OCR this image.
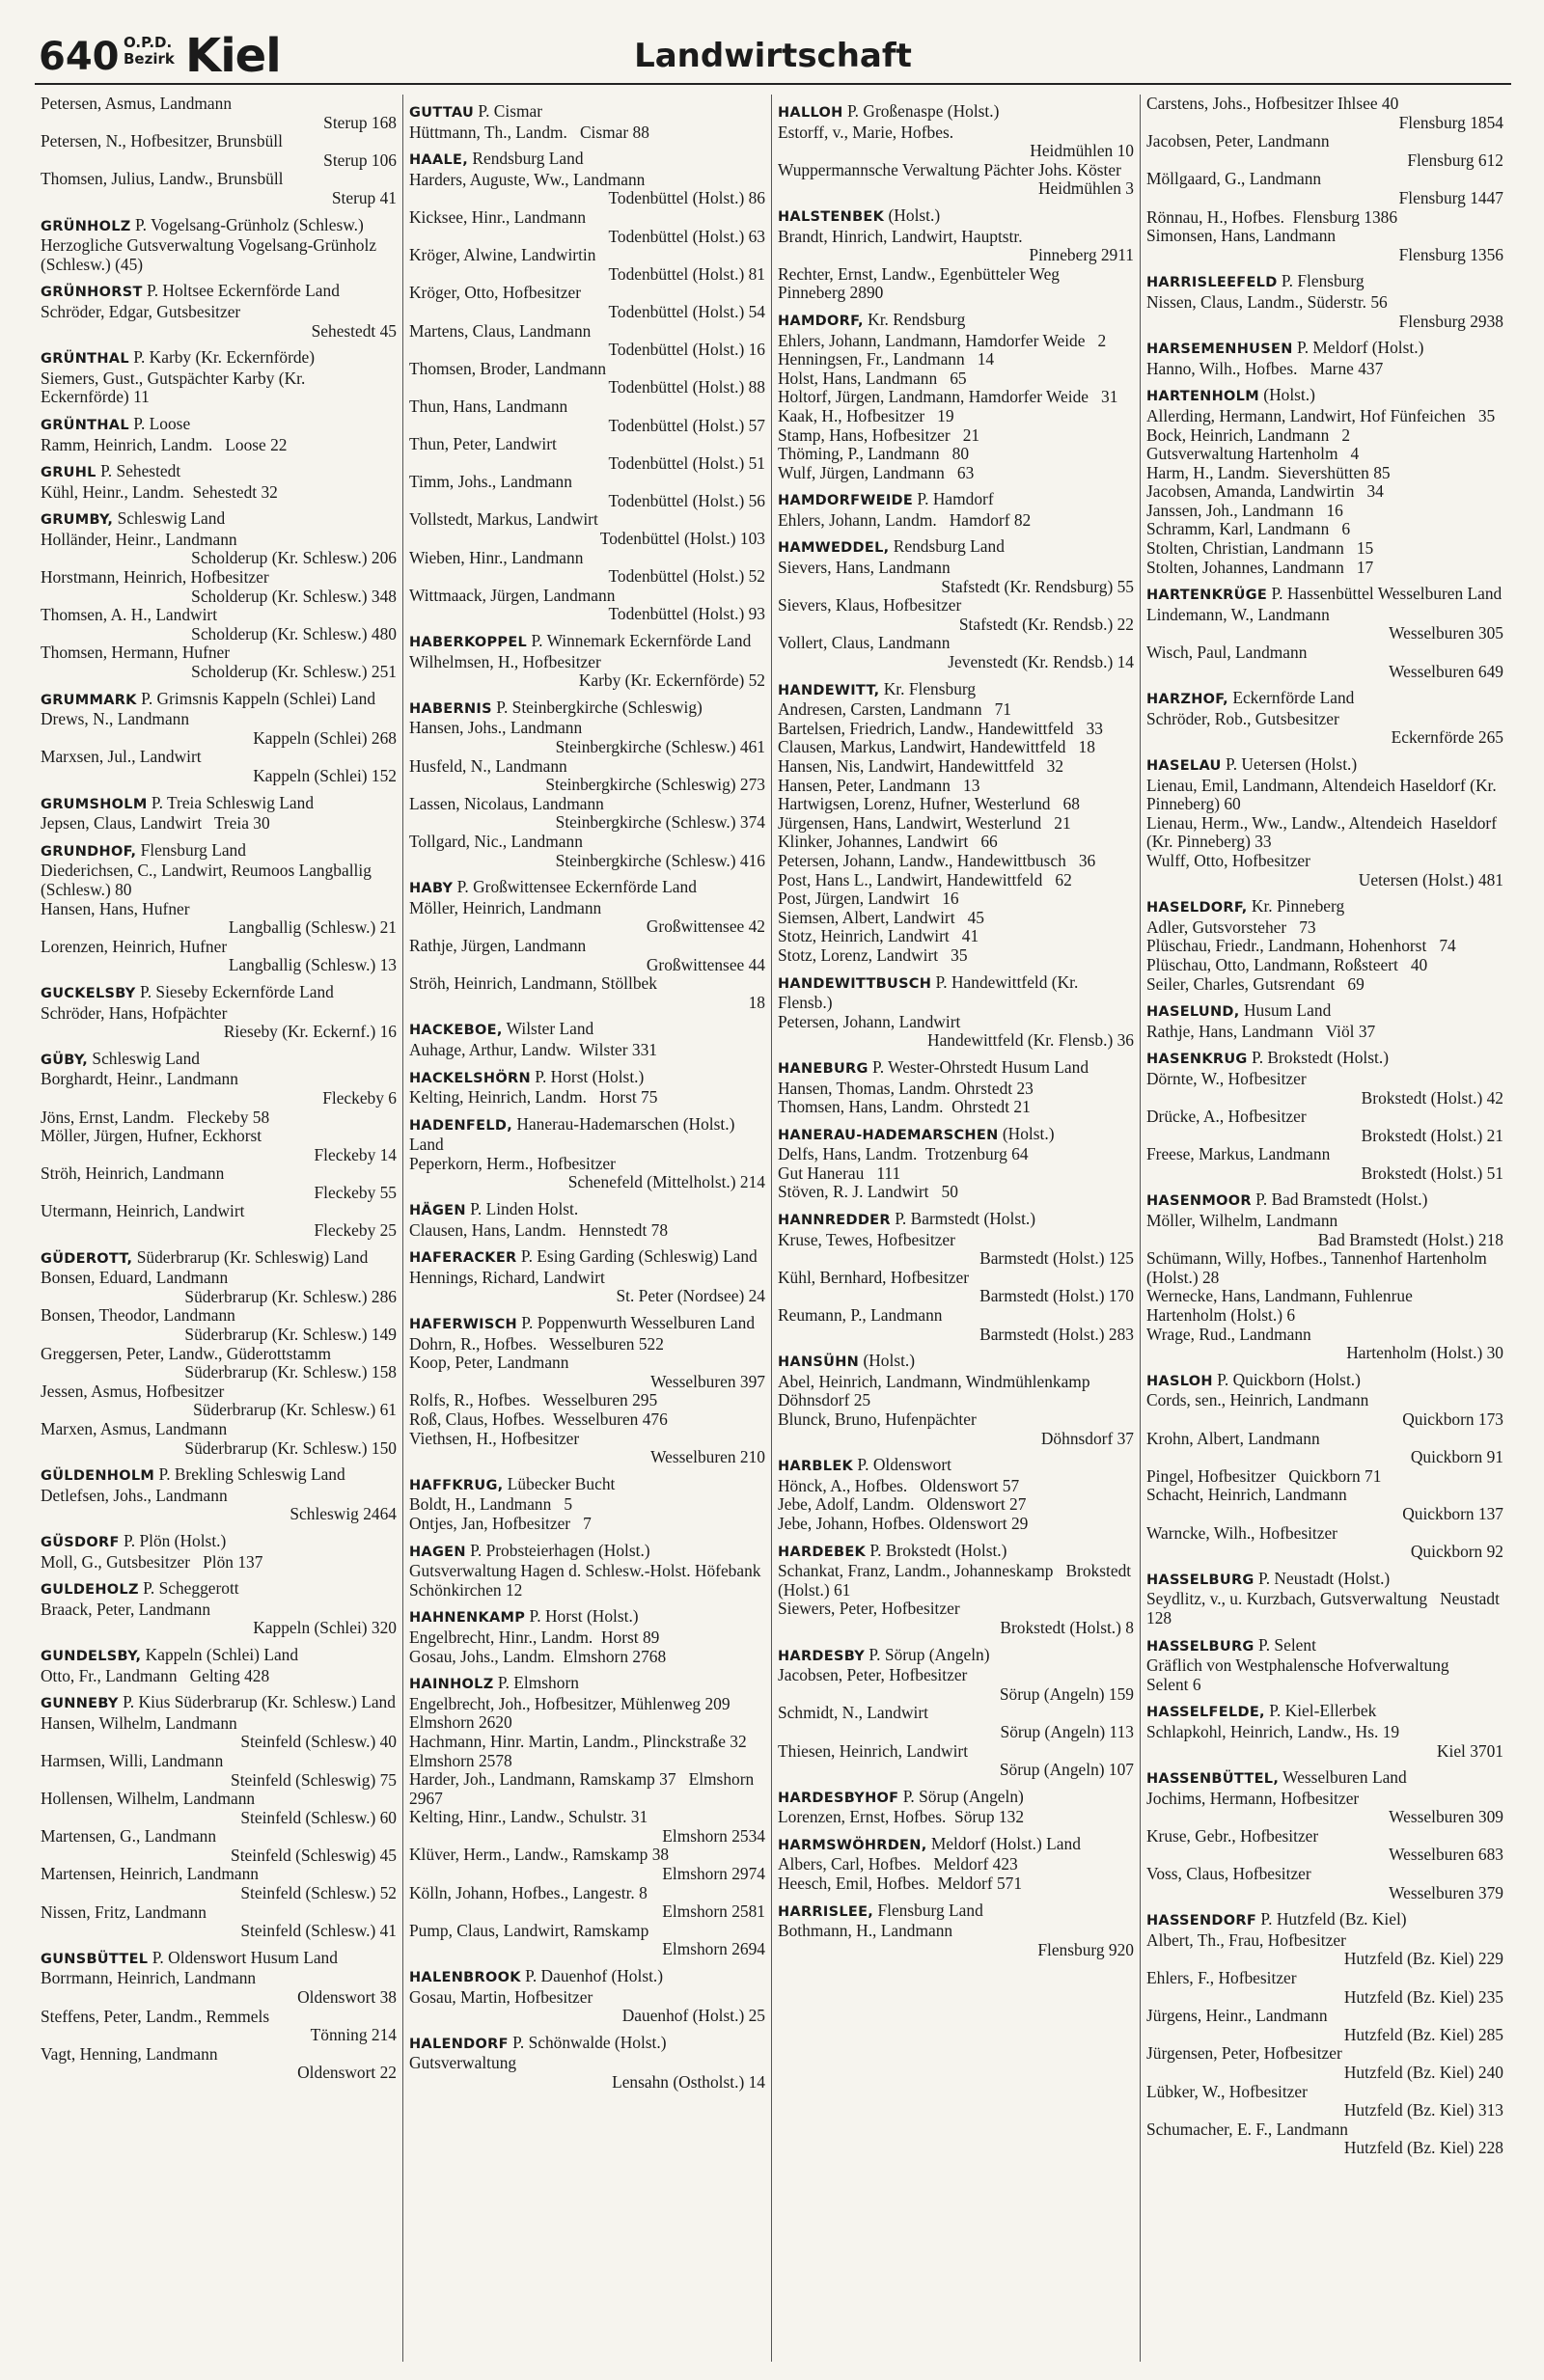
640 O.P.D.
Bezirk Kiel	Landwirtschaft

Petersen, Asmus, Landmann

Sterup 168

Petersen, N., Hofbesitzer, Brunsbüll

Sterup 106

Thomsen, Julius, Landw., Brunsbüll

Sterup 41

GRÜNHOLZ P. Vogelsang-Grünholz (Schlesw.)

Herzogliche Gutsverwaltung Vogelsang-Grünholz (Schlesw.) (45)

GRÜNHORST P. Holtsee Eckernförde Land

Schröder, Edgar, Gutsbesitzer

Sehestedt 45

GRÜNTHAL P. Karby (Kr. Eckernförde)

Siemers, Gust., Gutspächter Karby (Kr. Eckernförde) 11

GRÜNTHAL P. Loose

Ramm, Heinrich, Landm.   Loose 22

GRUHL P. Sehestedt

Kühl, Heinr., Landm.  Sehestedt 32

GRUMBY, Schleswig Land

Holländer, Heinr., Landmann

Scholderup (Kr. Schlesw.) 206

Horstmann, Heinrich, Hofbesitzer

Scholderup (Kr. Schlesw.) 348

Thomsen, A. H., Landwirt

Scholderup (Kr. Schlesw.) 480

Thomsen, Hermann, Hufner

Scholderup (Kr. Schlesw.) 251

GRUMMARK P. Grimsnis Kappeln (Schlei) Land

Drews, N., Landmann

Kappeln (Schlei) 268

Marxsen, Jul., Landwirt

Kappeln (Schlei) 152

GRUMSHOLM P. Treia Schleswig Land

Jepsen, Claus, Landwirt   Treia 30

GRUNDHOF, Flensburg Land

Diederichsen, C., Landwirt, Reumoos Langballig (Schlesw.) 80

Hansen, Hans, Hufner

Langballig (Schlesw.) 21

Lorenzen, Heinrich, Hufner

Langballig (Schlesw.) 13

GUCKELSBY P. Sieseby Eckernförde Land

Schröder, Hans, Hofpächter

Rieseby (Kr. Eckernf.) 16

GÜBY, Schleswig Land

Borghardt, Heinr., Landmann

Fleckeby 6

Jöns, Ernst, Landm.   Fleckeby 58

Möller, Jürgen, Hufner, Eckhorst

Fleckeby 14

Ströh, Heinrich, Landmann

Fleckeby 55

Utermann, Heinrich, Landwirt

Fleckeby 25

GÜDEROTT, Süderbrarup (Kr. Schleswig) Land

Bonsen, Eduard, Landmann

Süderbrarup (Kr. Schlesw.) 286

Bonsen, Theodor, Landmann

Süderbrarup (Kr. Schlesw.) 149

Greggersen, Peter, Landw., Güderottstamm

Süderbrarup (Kr. Schlesw.) 158

Jessen, Asmus, Hofbesitzer

Süderbrarup (Kr. Schlesw.) 61

Marxen, Asmus, Landmann

Süderbrarup (Kr. Schlesw.) 150

GÜLDENHOLM P. Brekling Schleswig Land

Detlefsen, Johs., Landmann

Schleswig 2464

GÜSDORF P. Plön (Holst.)

Moll, G., Gutsbesitzer   Plön 137

GULDEHOLZ P. Scheggerott

Braack, Peter, Landmann

Kappeln (Schlei) 320

GUNDELSBY, Kappeln (Schlei) Land

Otto, Fr., Landmann   Gelting 428

GUNNEBY P. Kius Süderbrarup (Kr. Schlesw.) Land

Hansen, Wilhelm, Landmann

Steinfeld (Schlesw.) 40

Harmsen, Willi, Landmann

Steinfeld (Schleswig) 75

Hollensen, Wilhelm, Landmann

Steinfeld (Schlesw.) 60

Martensen, G., Landmann

Steinfeld (Schleswig) 45

Martensen, Heinrich, Landmann

Steinfeld (Schlesw.) 52

Nissen, Fritz, Landmann

Steinfeld (Schlesw.) 41

GUNSBÜTTEL P. Oldenswort Husum Land

Borrmann, Heinrich, Landmann

Oldenswort 38

Steffens, Peter, Landm., Remmels

Tönning 214

Vagt, Henning, Landmann

Oldenswort 22

GUTTAU P. Cismar

Hüttmann, Th., Landm.   Cismar 88

HAALE, Rendsburg Land

Harders, Auguste, Ww., Landmann

Todenbüttel (Holst.) 86

Kicksee, Hinr., Landmann

Todenbüttel (Holst.) 63

Kröger, Alwine, Landwirtin

Todenbüttel (Holst.) 81

Kröger, Otto, Hofbesitzer

Todenbüttel (Holst.) 54

Martens, Claus, Landmann

Todenbüttel (Holst.) 16

Thomsen, Broder, Landmann

Todenbüttel (Holst.) 88

Thun, Hans, Landmann

Todenbüttel (Holst.) 57

Thun, Peter, Landwirt

Todenbüttel (Holst.) 51

Timm, Johs., Landmann

Todenbüttel (Holst.) 56

Vollstedt, Markus, Landwirt

Todenbüttel (Holst.) 103

Wieben, Hinr., Landmann

Todenbüttel (Holst.) 52

Wittmaack, Jürgen, Landmann

Todenbüttel (Holst.) 93

HABERKOPPEL P. Winnemark Eckernförde Land

Wilhelmsen, H., Hofbesitzer

Karby (Kr. Eckernförde) 52

HABERNIS P. Steinbergkirche (Schleswig)

Hansen, Johs., Landmann

Steinbergkirche (Schlesw.) 461

Husfeld, N., Landmann

Steinbergkirche (Schleswig) 273

Lassen, Nicolaus, Landmann

Steinbergkirche (Schlesw.) 374

Tollgard, Nic., Landmann

Steinbergkirche (Schlesw.) 416

HABY P. Großwittensee Eckernförde Land

Möller, Heinrich, Landmann

Großwittensee 42

Rathje, Jürgen, Landmann

Großwittensee 44

Ströh, Heinrich, Landmann, Stöllbek

18

HACKEBOE, Wilster Land

Auhage, Arthur, Landw.  Wilster 331

HACKELSHÖRN P. Horst (Holst.)

Kelting, Heinrich, Landm.   Horst 75

HADENFELD, Hanerau-Hademarschen (Holst.) Land

Peperkorn, Herm., Hofbesitzer

Schenefeld (Mittelholst.) 214

HÄGEN P. Linden Holst.

Clausen, Hans, Landm.   Hennstedt 78

HAFERACKER P. Esing Garding (Schleswig) Land

Hennings, Richard, Landwirt

St. Peter (Nordsee) 24

HAFERWISCH P. Poppenwurth Wesselburen Land

Dohrn, R., Hofbes.   Wesselburen 522

Koop, Peter, Landmann

Wesselburen 397

Rolfs, R., Hofbes.   Wesselburen 295

Roß, Claus, Hofbes.  Wesselburen 476

Viethsen, H., Hofbesitzer

Wesselburen 210

HAFFKRUG, Lübecker Bucht

Boldt, H., Landmann   5

Ontjes, Jan, Hofbesitzer   7

HAGEN P. Probsteierhagen (Holst.)

Gutsverwaltung Hagen d. Schlesw.-Holst. Höfebank   Schönkirchen 12

HAHNENKAMP P. Horst (Holst.)

Engelbrecht, Hinr., Landm.  Horst 89

Gosau, Johs., Landm.  Elmshorn 2768

HAINHOLZ P. Elmshorn

Engelbrecht, Joh., Hofbesitzer, Mühlenweg 209   Elmshorn 2620

Hachmann, Hinr. Martin, Landm., Plinckstraße 32   Elmshorn 2578

Harder, Joh., Landmann, Ramskamp 37   Elmshorn 2967

Kelting, Hinr., Landw., Schulstr. 31

Elmshorn 2534

Klüver, Herm., Landw., Ramskamp 38

Elmshorn 2974

Kölln, Johann, Hofbes., Langestr. 8

Elmshorn 2581

Pump, Claus, Landwirt, Ramskamp

Elmshorn 2694

HALENBROOK P. Dauenhof (Holst.)

Gosau, Martin, Hofbesitzer

Dauenhof (Holst.) 25

HALENDORF P. Schönwalde (Holst.)

Gutsverwaltung

Lensahn (Ostholst.) 14

HALLOH P. Großenaspe (Holst.)

Estorff, v., Marie, Hofbes.

Heidmühlen 10

Wuppermannsche Verwaltung Pächter Johs. Köster

Heidmühlen 3

HALSTENBEK (Holst.)

Brandt, Hinrich, Landwirt, Hauptstr.

Pinneberg 2911

Rechter, Ernst, Landw., Egenbütteler Weg   Pinneberg 2890

HAMDORF, Kr. Rendsburg

Ehlers, Johann, Landmann, Hamdorfer Weide   2

Henningsen, Fr., Landmann   14

Holst, Hans, Landmann   65

Holtorf, Jürgen, Landmann, Hamdorfer Weide   31

Kaak, H., Hofbesitzer   19

Stamp, Hans, Hofbesitzer   21

Thöming, P., Landmann   80

Wulf, Jürgen, Landmann   63

HAMDORFWEIDE P. Hamdorf

Ehlers, Johann, Landm.   Hamdorf 82

HAMWEDDEL, Rendsburg Land

Sievers, Hans, Landmann

Stafstedt (Kr. Rendsburg) 55

Sievers, Klaus, Hofbesitzer

Stafstedt (Kr. Rendsb.) 22

Vollert, Claus, Landmann

Jevenstedt (Kr. Rendsb.) 14

HANDEWITT, Kr. Flensburg

Andresen, Carsten, Landmann   71

Bartelsen, Friedrich, Landw., Handewittfeld   33

Clausen, Markus, Landwirt, Handewittfeld   18

Hansen, Nis, Landwirt, Handewittfeld   32

Hansen, Peter, Landmann   13

Hartwigsen, Lorenz, Hufner, Westerlund   68

Jürgensen, Hans, Landwirt, Westerlund   21

Klinker, Johannes, Landwirt   66

Petersen, Johann, Landw., Handewittbusch   36

Post, Hans L., Landwirt, Handewittfeld   62

Post, Jürgen, Landwirt   16

Siemsen, Albert, Landwirt   45

Stotz, Heinrich, Landwirt   41

Stotz, Lorenz, Landwirt   35

HANDEWITTBUSCH P. Handewittfeld (Kr. Flensb.)

Petersen, Johann, Landwirt

Handewittfeld (Kr. Flensb.) 36

HANEBURG P. Wester-Ohrstedt Husum Land

Hansen, Thomas, Landm. Ohrstedt 23

Thomsen, Hans, Landm.  Ohrstedt 21

HANERAU-HADEMARSCHEN (Holst.)

Delfs, Hans, Landm.  Trotzenburg 64

Gut Hanerau   111

Stöven, R. J. Landwirt   50

HANNREDDER P. Barmstedt (Holst.)

Kruse, Tewes, Hofbesitzer

Barmstedt (Holst.) 125

Kühl, Bernhard, Hofbesitzer

Barmstedt (Holst.) 170

Reumann, P., Landmann

Barmstedt (Holst.) 283

HANSÜHN (Holst.)

Abel, Heinrich, Landmann, Windmühlenkamp   Döhnsdorf 25

Blunck, Bruno, Hufenpächter

Döhnsdorf 37

HARBLEK P. Oldenswort

Hönck, A., Hofbes.   Oldenswort 57

Jebe, Adolf, Landm.   Oldenswort 27

Jebe, Johann, Hofbes. Oldenswort 29

HARDEBEK P. Brokstedt (Holst.)

Schankat, Franz, Landm., Johanneskamp   Brokstedt (Holst.) 61

Siewers, Peter, Hofbesitzer

Brokstedt (Holst.) 8

HARDESBY P. Sörup (Angeln)

Jacobsen, Peter, Hofbesitzer

Sörup (Angeln) 159

Schmidt, N., Landwirt

Sörup (Angeln) 113

Thiesen, Heinrich, Landwirt

Sörup (Angeln) 107

HARDESBYHOF P. Sörup (Angeln)

Lorenzen, Ernst, Hofbes.  Sörup 132

HARMSWÖHRDEN, Meldorf (Holst.) Land

Albers, Carl, Hofbes.   Meldorf 423

Heesch, Emil, Hofbes.  Meldorf 571

HARRISLEE, Flensburg Land

Bothmann, H., Landmann

Flensburg 920

Carstens, Johs., Hofbesitzer Ihlsee 40

Flensburg 1854

Jacobsen, Peter, Landmann

Flensburg 612

Möllgaard, G., Landmann

Flensburg 1447

Rönnau, H., Hofbes.  Flensburg 1386

Simonsen, Hans, Landmann

Flensburg 1356

HARRISLEEFELD P. Flensburg

Nissen, Claus, Landm., Süderstr. 56

Flensburg 2938

HARSEMENHUSEN P. Meldorf (Holst.)

Hanno, Wilh., Hofbes.   Marne 437

HARTENHOLM (Holst.)

Allerding, Hermann, Landwirt, Hof Fünfeichen   35

Bock, Heinrich, Landmann   2

Gutsverwaltung Hartenholm   4

Harm, H., Landm.  Sievershütten 85

Jacobsen, Amanda, Landwirtin   34

Janssen, Joh., Landmann   16

Schramm, Karl, Landmann   6

Stolten, Christian, Landmann   15

Stolten, Johannes, Landmann   17

HARTENKRÜGE P. Hassenbüttel Wesselburen Land

Lindemann, W., Landmann

Wesselburen 305

Wisch, Paul, Landmann

Wesselburen 649

HARZHOF, Eckernförde Land

Schröder, Rob., Gutsbesitzer

Eckernförde 265

HASELAU P. Uetersen (Holst.)

Lienau, Emil, Landmann, Altendeich Haseldorf (Kr. Pinneberg) 60

Lienau, Herm., Ww., Landw., Altendeich  Haseldorf (Kr. Pinneberg) 33

Wulff, Otto, Hofbesitzer

Uetersen (Holst.) 481

HASELDORF, Kr. Pinneberg

Adler, Gutsvorsteher   73

Plüschau, Friedr., Landmann, Hohenhorst   74

Plüschau, Otto, Landmann, Roßsteert   40

Seiler, Charles, Gutsrendant   69

HASELUND, Husum Land

Rathje, Hans, Landmann   Viöl 37

HASENKRUG P. Brokstedt (Holst.)

Dörnte, W., Hofbesitzer

Brokstedt (Holst.) 42

Drücke, A., Hofbesitzer

Brokstedt (Holst.) 21

Freese, Markus, Landmann

Brokstedt (Holst.) 51

HASENMOOR P. Bad Bramstedt (Holst.)

Möller, Wilhelm, Landmann

Bad Bramstedt (Holst.) 218

Schümann, Willy, Hofbes., Tannenhof Hartenholm (Holst.) 28

Wernecke, Hans, Landmann, Fuhlenrue   Hartenholm (Holst.) 6

Wrage, Rud., Landmann

Hartenholm (Holst.) 30

HASLOH P. Quickborn (Holst.)

Cords, sen., Heinrich, Landmann

Quickborn 173

Krohn, Albert, Landmann

Quickborn 91

Pingel, Hofbesitzer   Quickborn 71

Schacht, Heinrich, Landmann

Quickborn 137

Warncke, Wilh., Hofbesitzer

Quickborn 92

HASSELBURG P. Neustadt (Holst.)

Seydlitz, v., u. Kurzbach, Gutsverwaltung   Neustadt 128

HASSELBURG P. Selent

Gräflich von Westphalensche Hofverwaltung   Selent 6

HASSELFELDE, P. Kiel-Ellerbek

Schlapkohl, Heinrich, Landw., Hs. 19

Kiel 3701

HASSENBÜTTEL, Wesselburen Land

Jochims, Hermann, Hofbesitzer

Wesselburen 309

Kruse, Gebr., Hofbesitzer

Wesselburen 683

Voss, Claus, Hofbesitzer

Wesselburen 379

HASSENDORF P. Hutzfeld (Bz. Kiel)

Albert, Th., Frau, Hofbesitzer

Hutzfeld (Bz. Kiel) 229

Ehlers, F., Hofbesitzer

Hutzfeld (Bz. Kiel) 235

Jürgens, Heinr., Landmann

Hutzfeld (Bz. Kiel) 285

Jürgensen, Peter, Hofbesitzer

Hutzfeld (Bz. Kiel) 240

Lübker, W., Hofbesitzer

Hutzfeld (Bz. Kiel) 313

Schumacher, E. F., Landmann

Hutzfeld (Bz. Kiel) 228
